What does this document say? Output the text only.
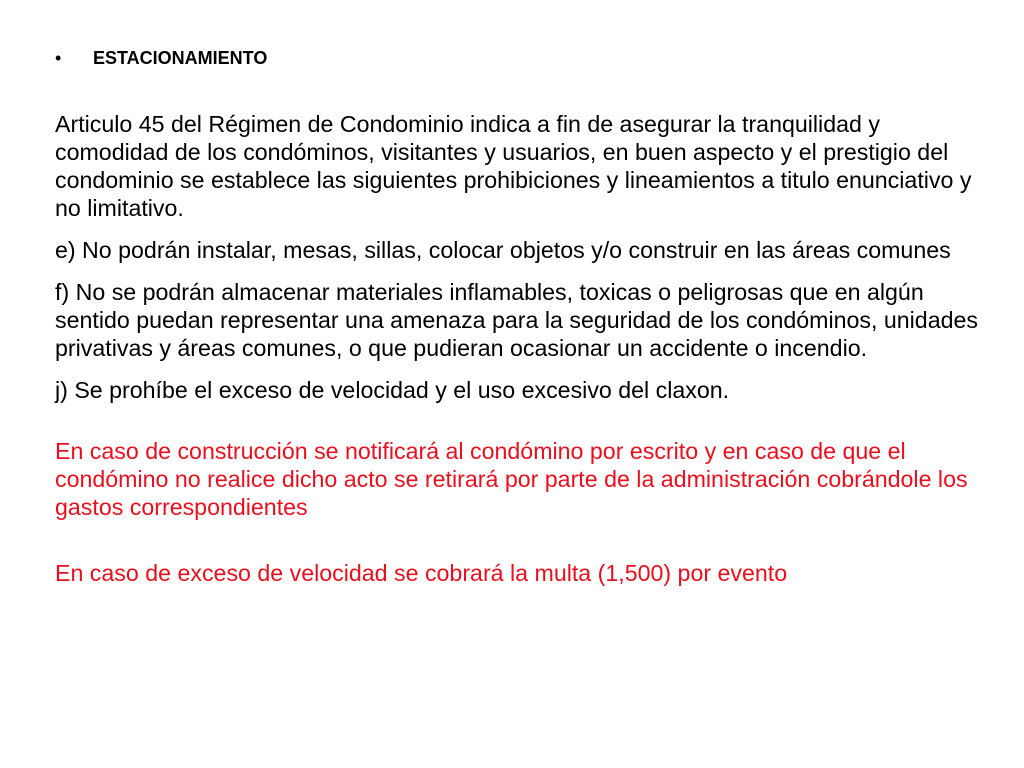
•	ESTACIONAMIENTO

Articulo 45 del Régimen de Condominio indica a fin de asegurar la tranquilidad y comodidad de los condóminos, visitantes y usuarios, en buen aspecto y el prestigio del condominio se establece las siguientes prohibiciones y lineamientos a titulo enunciativo y no limitativo.

e) No podrán instalar, mesas, sillas, colocar objetos y/o construir en las áreas comunes

f) No se podrán almacenar materiales inflamables, toxicas o peligrosas que en algún sentido puedan representar una amenaza para la seguridad de los condóminos, unidades privativas y áreas comunes, o que pudieran ocasionar un accidente o incendio.

j) Se prohíbe el exceso de velocidad y el uso excesivo del claxon.

En caso de construcción se notificará al condómino por escrito y en caso de que el condómino no realice dicho acto se retirará por parte de la administración cobrándole los gastos correspondientes

En caso de exceso de velocidad se cobrará la multa (1,500) por evento
